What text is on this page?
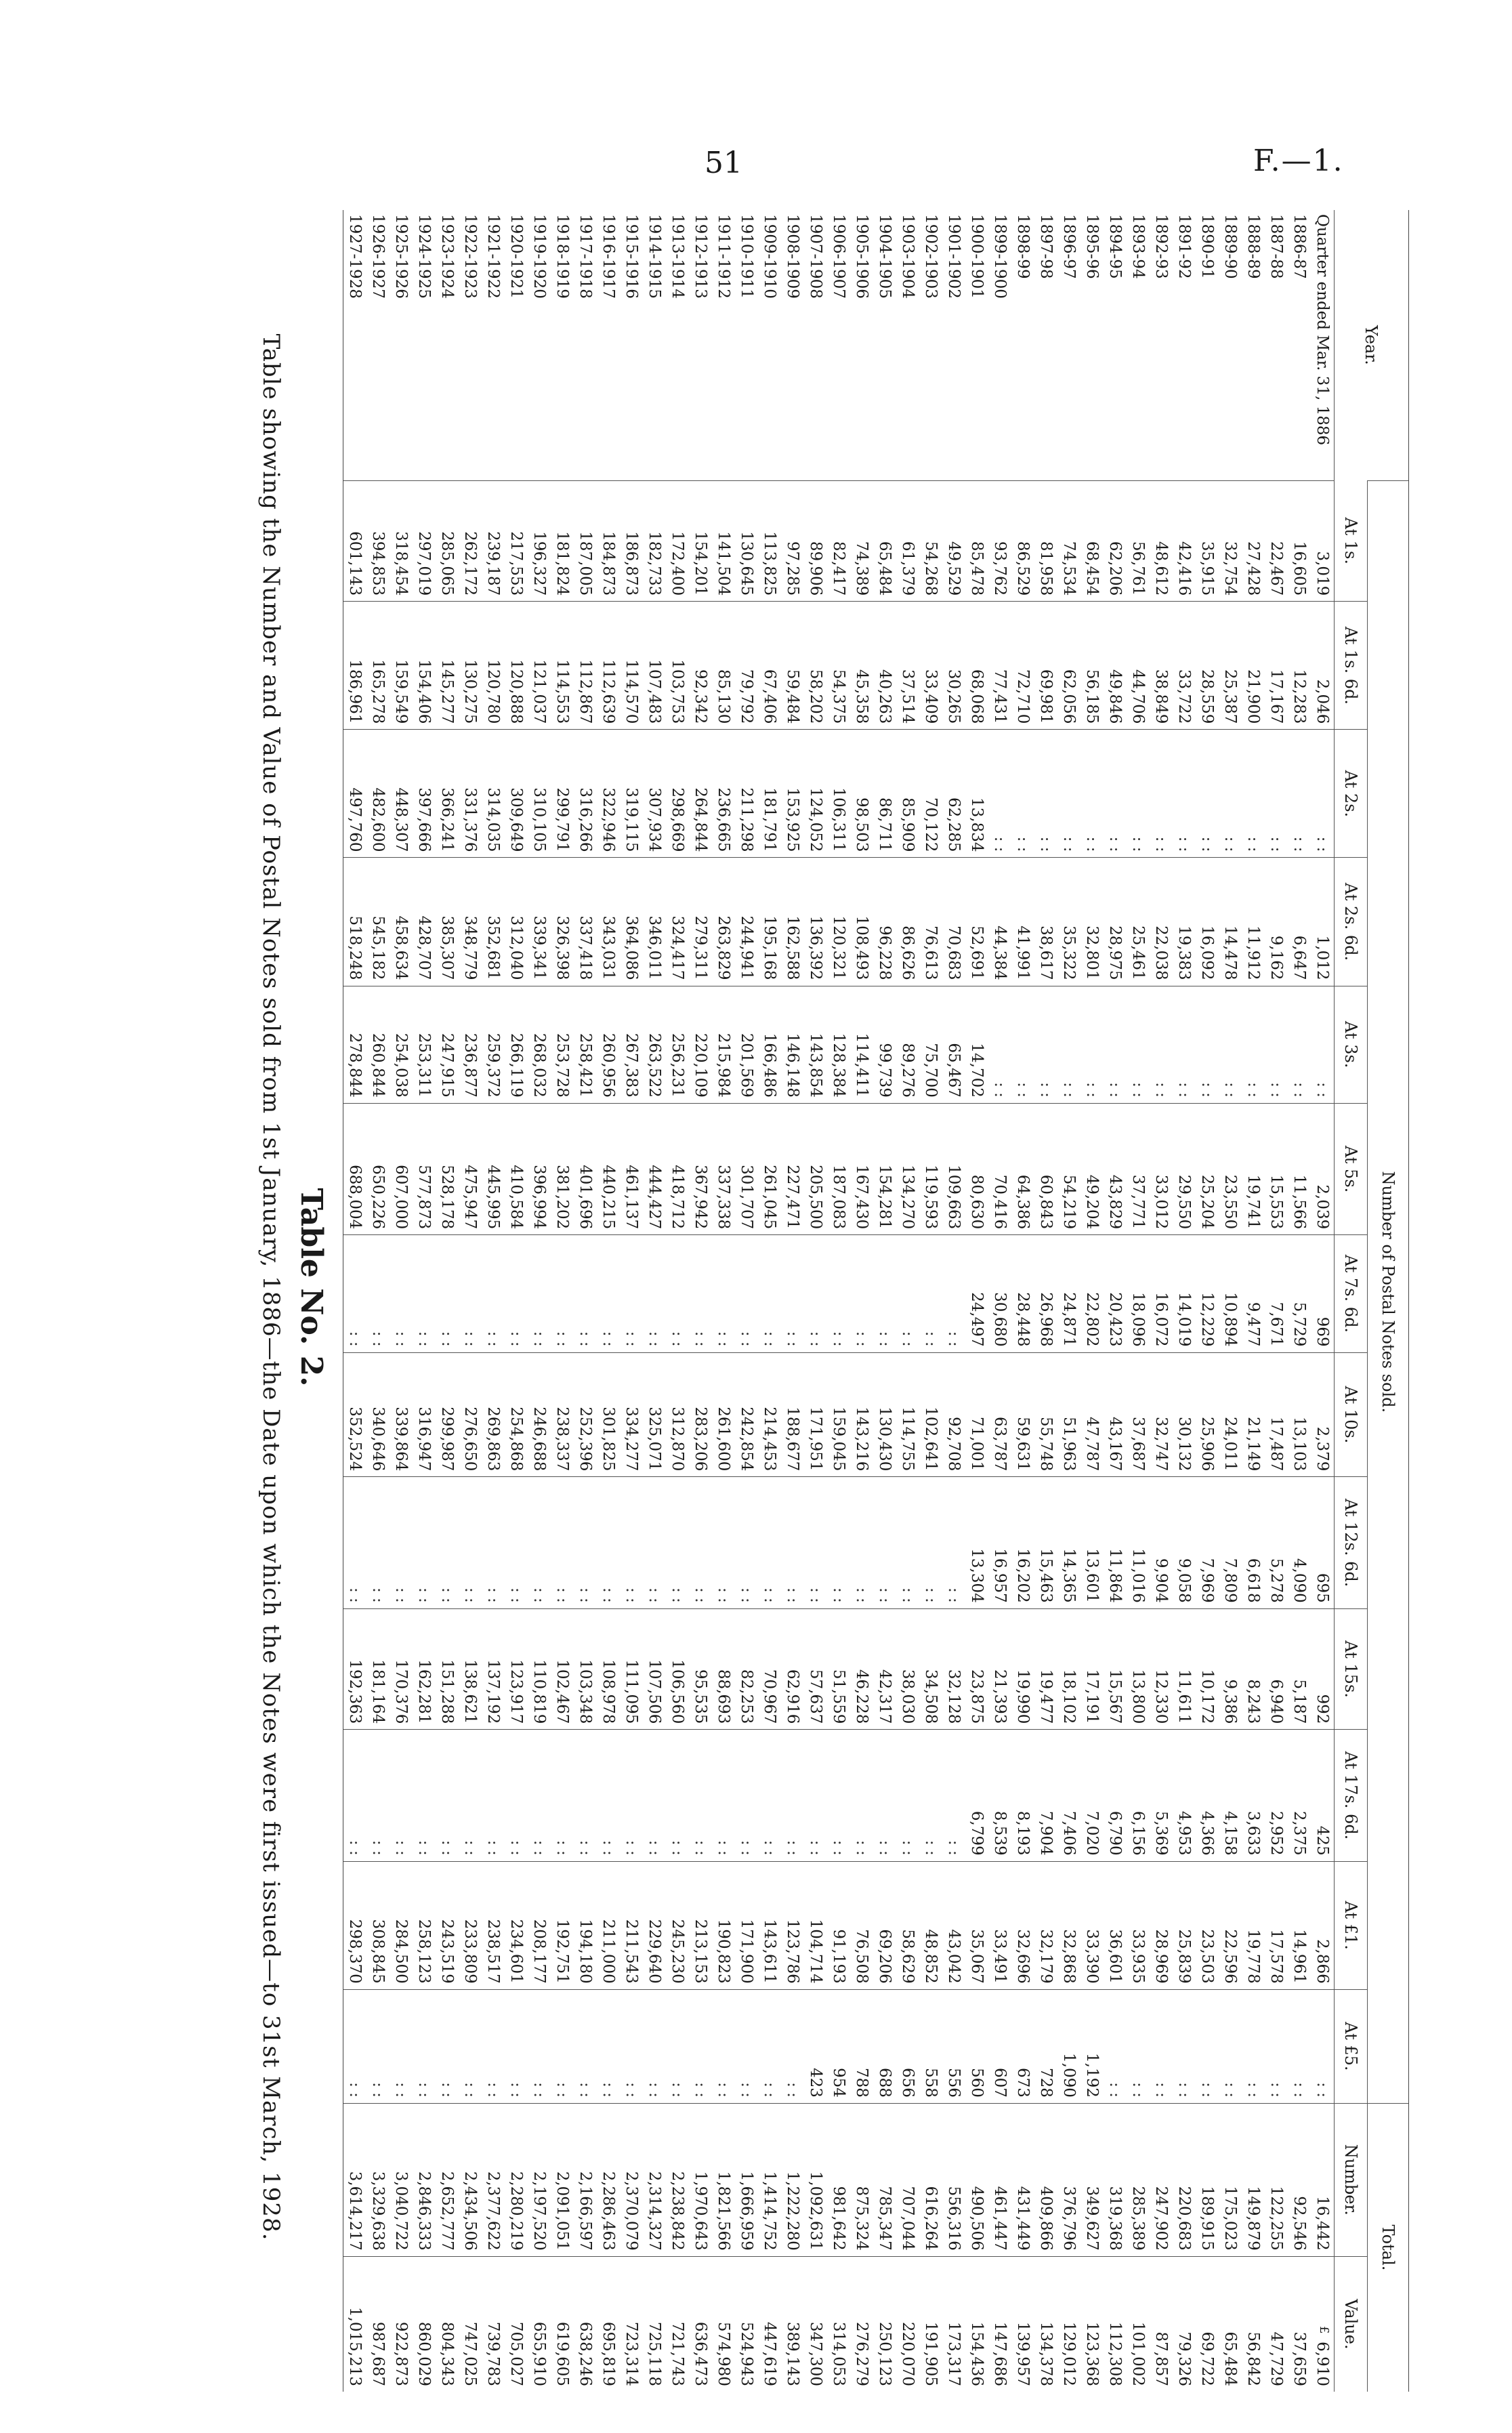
51	F.—1.
Table No. 2.
Table showing the Number and Value of Postal Notes sold from 1st January, 1886—the Date upon which the Notes were first issued—to 31st March, 1928.	Year.	Number of Postal Notes sold.													Total.	
	At 1s.	At 1s. 6d.	At 2s.	At 2s. 6d.	At 3s.	At 5s.	At 7s. 6d.	At 10s.	At 12s. 6d.	At 15s.	At 17s. 6d.	At £1.	At £5.	Number.	Value.
Quarter ended Mar. 31, 1886	3,019	2,046	: :	1,012	: :	2,039	969	2,379	695	992	425	2,866	: :	16,442	£ 6,910
1886-87	16,605	12,283	: :	6,647	: :	11,566	5,729	13,103	4,090	5,187	2,375	14,961	: :	92,546	37,659
1887-88	22,467	17,167	: :	9,162	: :	15,553	7,671	17,487	5,278	6,940	2,952	17,578	: :	122,255	47,729
1888-89	27,428	21,900	: :	11,912	: :	19,741	9,477	21,149	6,618	8,243	3,633	19,778	: :	149,879	56,842
1889-90	32,754	25,387	: :	14,478	: :	23,550	10,894	24,011	7,809	9,386	4,158	22,596	: :	175,023	65,484
1890-91	35,915	28,559	: :	16,092	: :	25,204	12,229	25,906	7,969	10,172	4,366	23,503	: :	189,915	69,722
1891-92	42,416	33,722	: :	19,383	: :	29,550	14,019	30,132	9,058	11,611	4,953	25,839	: :	220,683	79,326
1892-93	48,612	38,849	: :	22,038	: :	33,012	16,072	32,747	9,904	12,330	5,369	28,969	: :	247,902	87,857
1893-94	56,761	44,706	: :	25,461	: :	37,771	18,096	37,687	11,016	13,800	6,156	33,935	: :	285,389	101,002
1894-95	62,206	49,846	: :	28,975	: :	43,829	20,423	43,167	11,864	15,567	6,790	36,601	: :	319,368	112,308
1895-96	68,454	56,185	: :	32,801	: :	49,204	22,802	47,787	13,601	17,191	7,020	33,390	1,192	349,627	123,368
1896-97	74,534	62,056	: :	35,322	: :	54,219	24,871	51,963	14,365	18,102	7,406	32,868	1,090	376,796	129,012
1897-98	81,958	69,981	: :	38,617	: :	60,843	26,968	55,748	15,463	19,477	7,904	32,179	728	409,866	134,378
1898-99	86,529	72,710	: :	41,991	: :	64,386	28,448	59,631	16,202	19,990	8,193	32,696	673	431,449	139,957
1899-1900	93,762	77,431	: :	44,384	: :	70,416	30,680	63,787	16,957	21,393	8,539	33,491	607	461,447	147,686
1900-1901	85,478	68,068	13,834	52,691	14,702	80,630	24,497	71,001	13,304	23,875	6,799	35,067	560	490,506	154,436
1901-1902	49,529	30,265	62,285	70,683	65,467	109,663	: :	92,708	: :	32,128	: :	43,042	556	556,316	173,317
1902-1903	54,268	33,409	70,122	76,613	75,700	119,593	: :	102,641	: :	34,508	: :	48,852	558	616,264	191,905
1903-1904	61,379	37,514	85,909	86,626	89,276	134,270	: :	114,755	: :	38,030	: :	58,629	656	707,044	220,070
1904-1905	65,484	40,263	86,711	96,228	99,739	154,281	: :	130,430	: :	42,317	: :	69,206	688	785,347	250,123
1905-1906	74,389	45,358	98,503	108,493	114,411	167,430	: :	143,216	: :	46,228	: :	76,508	788	875,324	276,279
1906-1907	82,417	54,375	106,311	120,321	128,384	187,083	: :	159,045	: :	51,559	: :	91,193	954	981,642	314,053
1907-1908	89,906	58,202	124,052	136,392	143,854	205,500	: :	171,951	: :	57,637	: :	104,714	423	1,092,631	347,300
1908-1909	97,285	59,484	153,925	162,588	146,148	227,471	: :	188,677	: :	62,916	: :	123,786	: :	1,222,280	389,143
1909-1910	113,825	67,406	181,791	195,168	166,486	261,045	: :	214,453	: :	70,967	: :	143,611	: :	1,414,752	447,619
1910-1911	130,645	79,792	211,298	244,941	201,569	301,707	: :	242,854	: :	82,253	: :	171,900	: :	1,666,959	524,943
1911-1912	141,504	85,130	236,665	263,829	215,984	337,338	: :	261,600	: :	88,693	: :	190,823	: :	1,821,566	574,980
1912-1913	154,201	92,342	264,844	279,311	220,109	367,942	: :	283,206	: :	95,535	: :	213,153	: :	1,970,643	636,473
1913-1914	172,400	103,753	298,669	324,417	256,231	418,712	: :	312,870	: :	106,560	: :	245,230	: :	2,238,842	721,743
1914-1915	182,733	107,483	307,934	346,011	263,522	444,427	: :	325,071	: :	107,506	: :	229,640	: :	2,314,327	725,118
1915-1916	186,873	114,570	319,115	364,086	267,383	461,137	: :	334,277	: :	111,095	: :	211,543	: :	2,370,079	723,314
1916-1917	184,873	112,639	322,946	343,031	260,956	440,215	: :	301,825	: :	108,978	: :	211,000	: :	2,286,463	695,819
1917-1918	187,005	112,867	316,266	337,418	258,421	401,696	: :	252,396	: :	103,348	: :	194,180	: :	2,166,597	638,246
1918-1919	181,824	114,553	299,791	326,398	253,728	381,202	: :	238,337	: :	102,467	: :	192,751	: :	2,091,051	619,605
1919-1920	196,327	121,037	310,105	339,341	268,032	396,994	: :	246,688	: :	110,819	: :	208,177	: :	2,197,520	655,910
1920-1921	217,553	120,888	309,649	312,040	266,119	410,584	: :	254,868	: :	123,917	: :	234,601	: :	2,280,219	705,027
1921-1922	239,187	120,780	314,035	352,681	259,372	445,995	: :	269,863	: :	137,192	: :	238,517	: :	2,377,622	739,783
1922-1923	262,172	130,275	331,376	348,779	236,877	475,947	: :	276,650	: :	138,621	: :	233,809	: :	2,434,506	747,025
1923-1924	285,065	145,277	366,241	385,307	247,915	528,178	: :	299,987	: :	151,288	: :	243,519	: :	2,652,777	804,343
1924-1925	297,019	154,406	397,666	428,707	253,311	577,873	: :	316,947	: :	162,281	: :	258,123	: :	2,846,333	860,029
1925-1926	318,454	159,549	448,307	458,634	254,038	607,000	: :	339,864	: :	170,376	: :	284,500	: :	3,040,722	922,873
1926-1927	394,853	165,278	482,600	545,182	260,844	650,226	: :	340,646	: :	181,164	: :	308,845	: :	3,329,638	987,687
1927-1928	601,143	186,961	497,760	518,248	278,844	688,004	: :	352,524	: :	192,363	: :	298,370	: :	3,614,217	1,015,213
